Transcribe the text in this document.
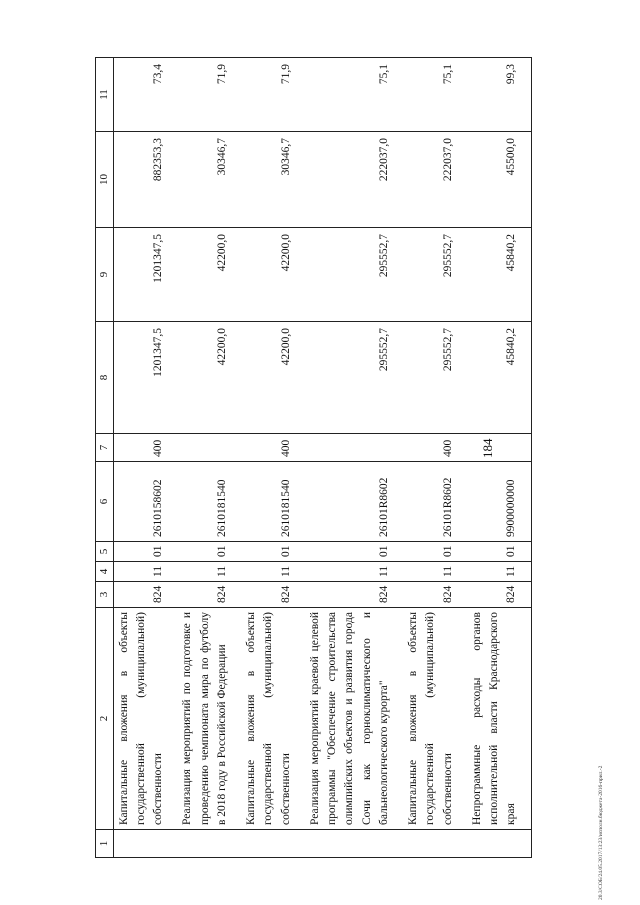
184
1	2	3	4	5	6	7	8	9	10	11
	Капитальные вложения в объекты государственной (муниципальной) собственности	824	11	01	2610158602	400	1201347,5	1201347,5	882353,3	73,4
	Реализация мероприятий по подготовке и проведению чемпионата мира по футболу в 2018 году в Российской Федерации	824	11	01	2610181540		42200,0	42200,0	30346,7	71,9
	Капитальные вложения в объекты государственной (муниципальной) собственности	824	11	01	2610181540	400	42200,0	42200,0	30346,7	71,9
	Реализация мероприятий краевой целевой программы "Обеспечение строительства олимпийских объектов и развития города Сочи как горноклиматического и бальнеологического курорта"	824	11	01	26101R8602		295552,7	295552,7	222037,0	75,1
	Капитальные вложения в объекты государственной (муниципальной) собственности	824	11	01	26101R8602	400	295552,7	295552,7	222037,0	75,1
	Непрограммные расходы органов исполнительной власти Краснодарского края	824	11	01	9900000000		45840,2	45840,2	45500,0	99,3
20.3/СОБ/24.05.2017/13:23/исполн.бюджета-2016-прил.-2
